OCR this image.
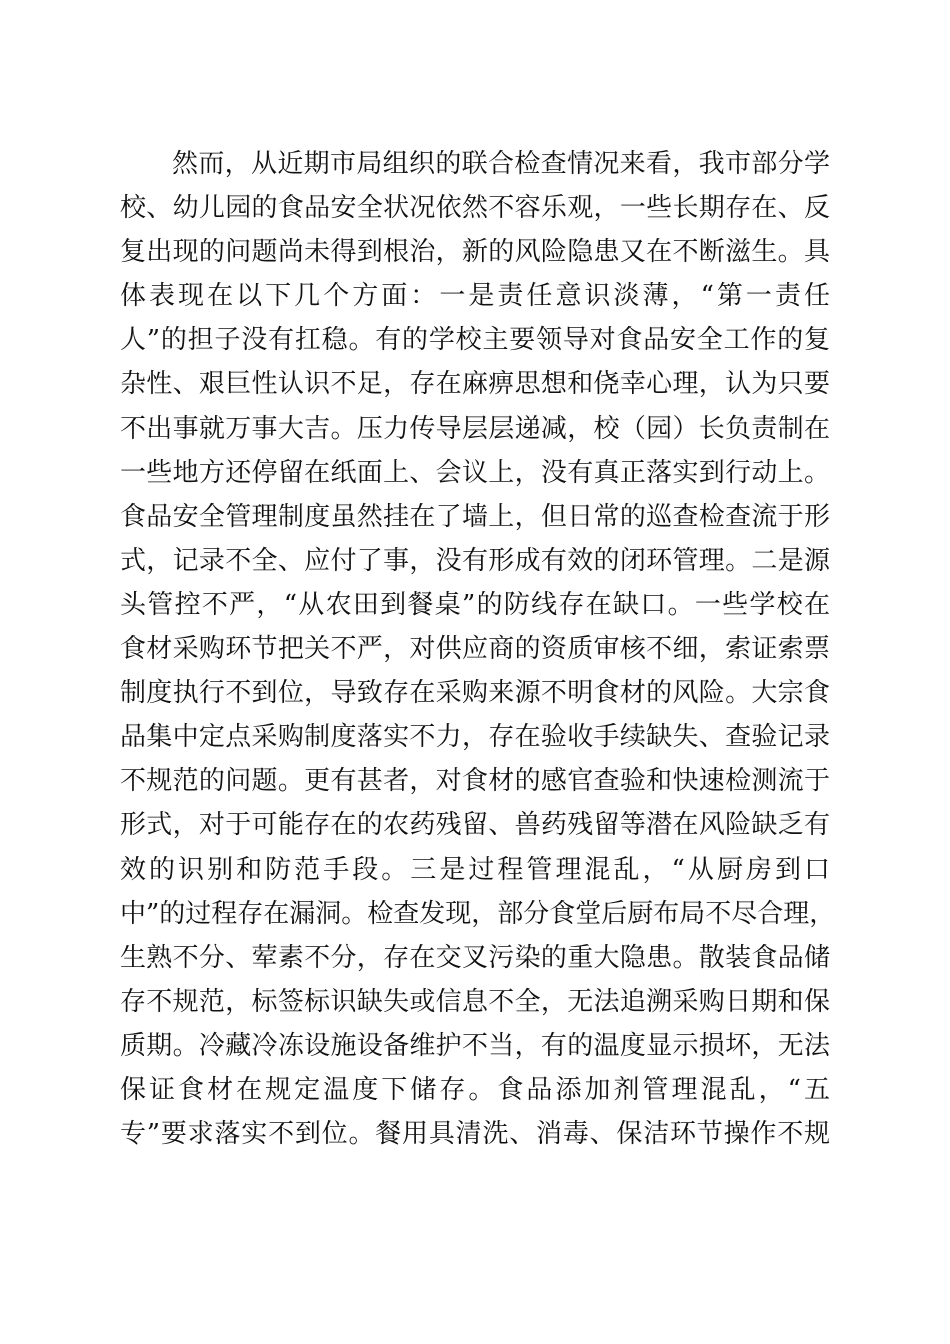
然而，从近期市局组织的联合检查情况来看，我市部分学
校、幼儿园的食品安全状况依然不容乐观，一些长期存在、反
复出现的问题尚未得到根治，新的风险隐患又在不断滋生。具
体表现在以下几个方面：一是责任意识淡薄，“第一责任
人”的担子没有扛稳。有的学校主要领导对食品安全工作的复
杂性、艰巨性认识不足，存在麻痹思想和侥幸心理，认为只要
不出事就万事大吉。压力传导层层递减，校（园）长负责制在
一些地方还停留在纸面上、会议上，没有真正落实到行动上。
食品安全管理制度虽然挂在了墙上，但日常的巡查检查流于形
式，记录不全、应付了事，没有形成有效的闭环管理。二是源
头管控不严，“从农田到餐桌”的防线存在缺口。一些学校在
食材采购环节把关不严，对供应商的资质审核不细，索证索票
制度执行不到位，导致存在采购来源不明食材的风险。大宗食
品集中定点采购制度落实不力，存在验收手续缺失、查验记录
不规范的问题。更有甚者，对食材的感官查验和快速检测流于
形式，对于可能存在的农药残留、兽药残留等潜在风险缺乏有
效的识别和防范手段。三是过程管理混乱，“从厨房到口
中”的过程存在漏洞。检查发现，部分食堂后厨布局不尽合理，
生熟不分、荤素不分，存在交叉污染的重大隐患。散装食品储
存不规范，标签标识缺失或信息不全，无法追溯采购日期和保
质期。冷藏冷冻设施设备维护不当，有的温度显示损坏，无法
保证食材在规定温度下储存。食品添加剂管理混乱，“五
专”要求落实不到位。餐用具清洗、消毒、保洁环节操作不规
